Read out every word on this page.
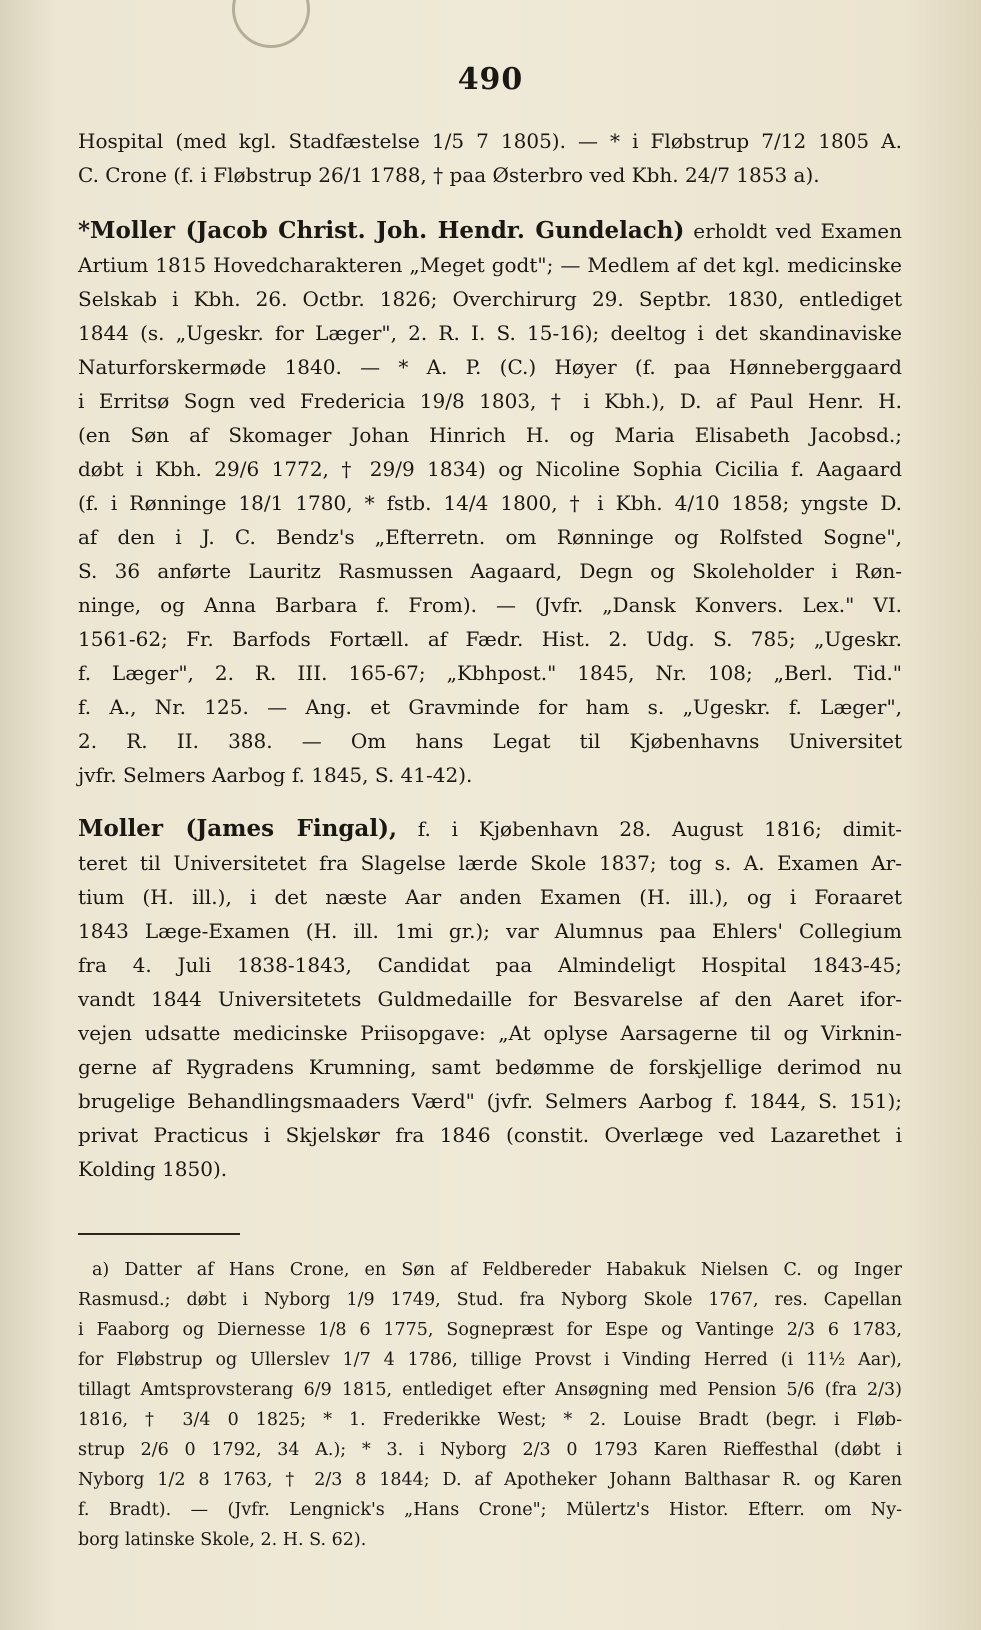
490
Hospital (med kgl. Stadfæstelse 1/5 7 1805). — * i Fløbstrup 7/12 1805 A.
C. Crone (f. i Fløbstrup 26/1 1788, † paa Østerbro ved Kbh. 24/7 1853 a).
*Moller (Jacob Christ. Joh. Hendr. Gundelach) erholdt ved Examen
Artium 1815 Hovedcharakteren „Meget godt"; — Medlem af det kgl. medicinske
Selskab i Kbh. 26. Octbr. 1826; Overchirurg 29. Septbr. 1830, entlediget
1844 (s. „Ugeskr. for Læger", 2. R. I. S. 15-16); deeltog i det skandinaviske
Naturforskermøde 1840. — * A. P. (C.) Høyer (f. paa Hønneberggaard
i Erritsø Sogn ved Fredericia 19/8 1803, † i Kbh.), D. af Paul Henr. H.
(en Søn af Skomager Johan Hinrich H. og Maria Elisabeth Jacobsd.;
døbt i Kbh. 29/6 1772, † 29/9 1834) og Nicoline Sophia Cicilia f. Aagaard
(f. i Rønninge 18/1 1780, * fstb. 14/4 1800, † i Kbh. 4/10 1858; yngste D.
af den i J. C. Bendz's „Efterretn. om Rønninge og Rolfsted Sogne",
S. 36 anførte Lauritz Rasmussen Aagaard, Degn og Skoleholder i Røn-
ninge, og Anna Barbara f. From). — (Jvfr. „Dansk Konvers. Lex." VI.
1561-62; Fr. Barfods Fortæll. af Fædr. Hist. 2. Udg. S. 785; „Ugeskr.
f. Læger", 2. R. III. 165-67; „Kbhpost." 1845, Nr. 108; „Berl. Tid."
f. A., Nr. 125. — Ang. et Gravminde for ham s. „Ugeskr. f. Læger",
2. R. II. 388. — Om hans Legat til Kjøbenhavns Universitet
jvfr. Selmers Aarbog f. 1845, S. 41-42).
Moller (James Fingal), f. i Kjøbenhavn 28. August 1816; dimit-
teret til Universitetet fra Slagelse lærde Skole 1837; tog s. A. Examen Ar-
tium (H. ill.), i det næste Aar anden Examen (H. ill.), og i Foraaret
1843 Læge-Examen (H. ill. 1mi gr.); var Alumnus paa Ehlers' Collegium
fra 4. Juli 1838-1843, Candidat paa Almindeligt Hospital 1843-45;
vandt 1844 Universitetets Guldmedaille for Besvarelse af den Aaret ifor-
vejen udsatte medicinske Priisopgave: „At oplyse Aarsagerne til og Virknin-
gerne af Rygradens Krumning, samt bedømme de forskjellige derimod nu
brugelige Behandlingsmaaders Værd" (jvfr. Selmers Aarbog f. 1844, S. 151);
privat Practicus i Skjelskør fra 1846 (constit. Overlæge ved Lazarethet i
Kolding 1850).
a) Datter af Hans Crone, en Søn af Feldbereder Habakuk Nielsen C. og Inger
Rasmusd.; døbt i Nyborg 1/9 1749, Stud. fra Nyborg Skole 1767, res. Capellan
i Faaborg og Diernesse 1/8 6 1775, Sognepræst for Espe og Vantinge 2/3 6 1783,
for Fløbstrup og Ullerslev 1/7 4 1786, tillige Provst i Vinding Herred (i 11½ Aar),
tillagt Amtsprovsterang 6/9 1815, entlediget efter Ansøgning med Pension 5/6 (fra 2/3)
1816, † 3/4 0 1825; * 1. Frederikke West; * 2. Louise Bradt (begr. i Fløb-
strup 2/6 0 1792, 34 A.); * 3. i Nyborg 2/3 0 1793 Karen Rieffesthal (døbt i
Nyborg 1/2 8 1763, † 2/3 8 1844; D. af Apotheker Johann Balthasar R. og Karen
f. Bradt). — (Jvfr. Lengnick's „Hans Crone"; Mülertz's Histor. Efterr. om Ny-
borg latinske Skole, 2. H. S. 62).
